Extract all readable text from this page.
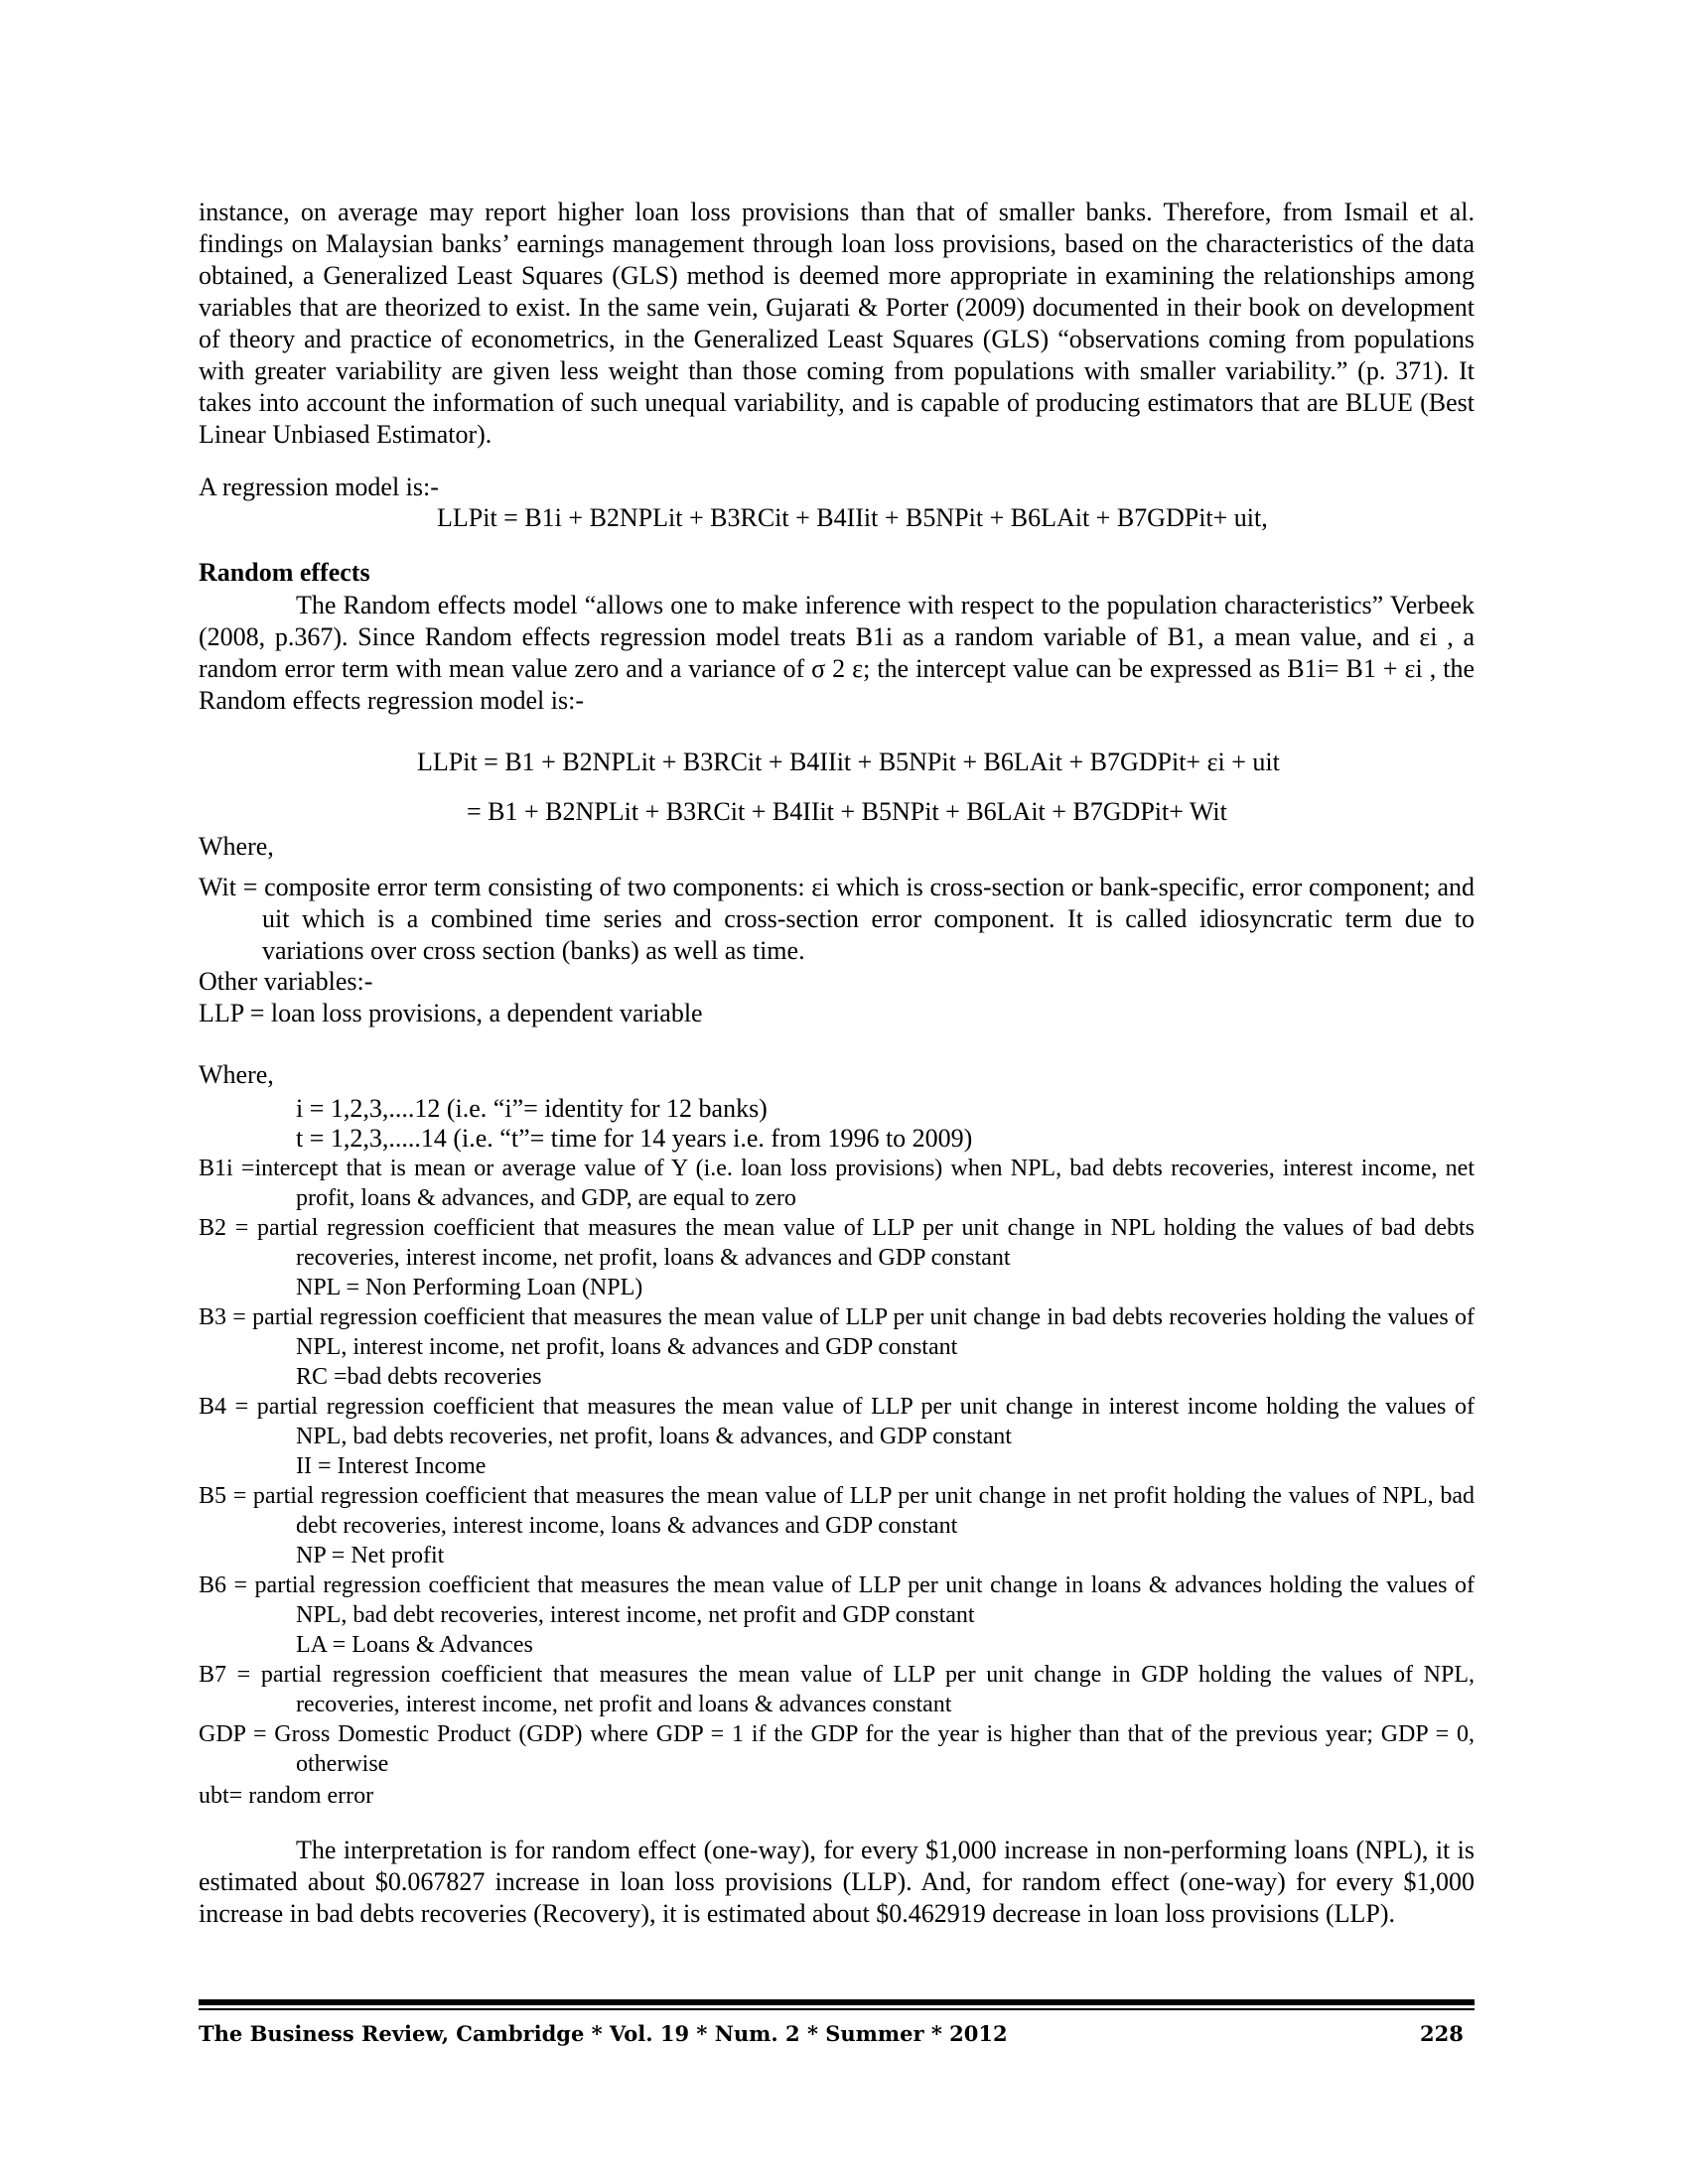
instance, on average may report higher loan loss provisions than that of smaller banks. Therefore, from Ismail et al. findings on Malaysian banks’ earnings management through loan loss provisions, based on the characteristics of the data obtained, a Generalized Least Squares (GLS) method is deemed more appropriate in examining the relationships among variables that are theorized to exist. In the same vein, Gujarati & Porter (2009) documented in their book on development of theory and practice of econometrics, in the Generalized Least Squares (GLS) “observations coming from populations with greater variability are given less weight than those coming from populations with smaller variability.” (p. 371). It takes into account the information of such unequal variability, and is capable of producing estimators that are BLUE (Best Linear Unbiased Estimator).
A regression model is:-
LLPit = B1i + B2NPLit + B3RCit + B4IIit + B5NPit + B6LAit + B7GDPit+ uit,
Random effects
The Random effects model “allows one to make inference with respect to the population characteristics” Verbeek (2008, p.367). Since Random effects regression model treats B1i as a random variable of B1, a mean value, and εi , a random error term with mean value zero and a variance of σ 2 ε; the intercept value can be expressed as B1i= B1 + εi , the Random effects regression model is:-
LLPit = B1 + B2NPLit + B3RCit + B4IIit + B5NPit + B6LAit + B7GDPit+ εi + uit
= B1 + B2NPLit + B3RCit + B4IIit + B5NPit + B6LAit + B7GDPit+ Wit
Where,
Wit = composite error term consisting of two components: εi which is cross-section or bank-specific, error component; and uit which is a combined time series and cross-section error component. It is called idiosyncratic term due to variations over cross section (banks) as well as time.
Other variables:-
LLP = loan loss provisions, a dependent variable
Where,
i = 1,2,3,....12 (i.e. “i”= identity for 12 banks)
t = 1,2,3,.....14 (i.e. “t”= time for 14 years i.e. from 1996 to 2009)
B1i =intercept that is mean or average value of Y (i.e. loan loss provisions) when NPL, bad debts recoveries, interest income, net profit, loans & advances, and GDP, are equal to zero
B2 = partial regression coefficient that measures the mean value of LLP per unit change in NPL holding the values of bad debts recoveries, interest income, net profit, loans & advances and GDP constant
NPL = Non Performing Loan (NPL)
B3 = partial regression coefficient that measures the mean value of LLP per unit change in bad debts recoveries holding the values of NPL, interest income, net profit, loans & advances and GDP constant
RC =bad debts recoveries
B4 = partial regression coefficient that measures the mean value of LLP per unit change in interest income holding the values of NPL, bad debts recoveries, net profit, loans & advances, and GDP constant
II = Interest Income
B5 = partial regression coefficient that measures the mean value of LLP per unit change in net profit holding the values of NPL, bad debt recoveries, interest income, loans & advances and GDP constant
NP = Net profit
B6 = partial regression coefficient that measures the mean value of LLP per unit change in loans & advances holding the values of NPL, bad debt recoveries, interest income, net profit and GDP constant
LA = Loans & Advances
B7 = partial regression coefficient that measures the mean value of LLP per unit change in GDP holding the values of NPL, recoveries, interest income, net profit and loans & advances constant
GDP = Gross Domestic Product (GDP) where GDP = 1 if the GDP for the year is higher than that of the previous year; GDP = 0, otherwise
ubt= random error
The interpretation is for random effect (one-way), for every $1,000 increase in non-performing loans (NPL), it is estimated about $0.067827 increase in loan loss provisions (LLP). And, for random effect (one-way) for every $1,000 increase in bad debts recoveries (Recovery), it is estimated about $0.462919 decrease in loan loss provisions (LLP).
The Business Review, Cambridge * Vol. 19 * Num. 2 * Summer * 2012	228
